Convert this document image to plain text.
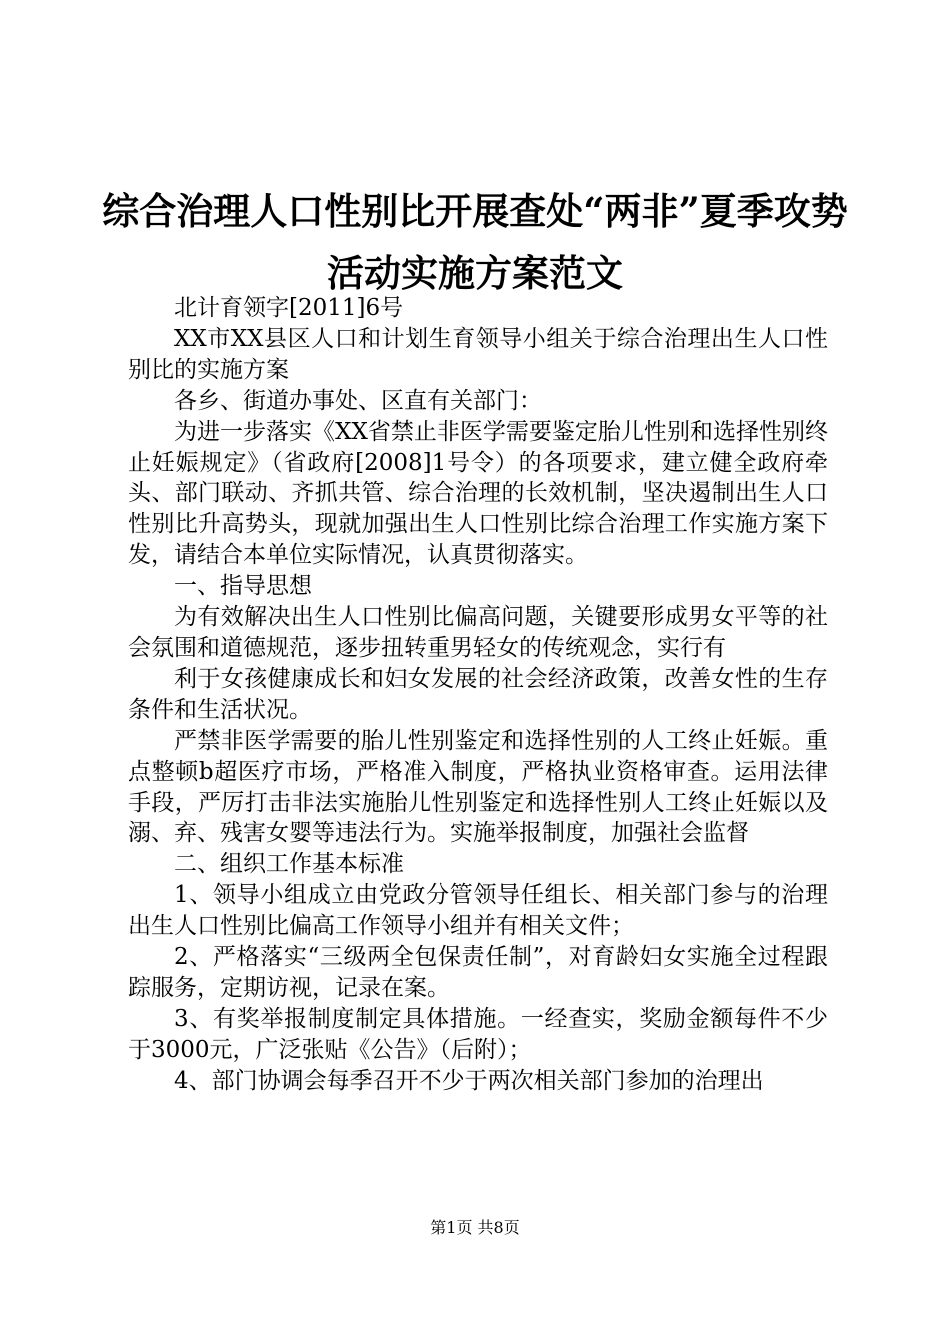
综合治理人口性别比开展查处“两非”夏季攻势活动实施方案范文

北计育领字[2011]6号

XX市XX县区人口和计划生育领导小组关于综合治理出生人口性别比的实施方案

各乡、街道办事处、区直有关部门：

为进一步落实《XX省禁止非医学需要鉴定胎儿性别和选择性别终止妊娠规定》（省政府[2008]1号令）的各项要求，建立健全政府牵头、部门联动、齐抓共管、综合治理的长效机制，坚决遏制出生人口性别比升高势头，现就加强出生人口性别比综合治理工作实施方案下发，请结合本单位实际情况，认真贯彻落实。

一、指导思想

为有效解决出生人口性别比偏高问题，关键要形成男女平等的社会氛围和道德规范，逐步扭转重男轻女的传统观念，实行有

利于女孩健康成长和妇女发展的社会经济政策，改善女性的生存条件和生活状况。

严禁非医学需要的胎儿性别鉴定和选择性别的人工终止妊娠。重点整顿b超医疗市场，严格准入制度，严格执业资格审查。运用法律手段，严厉打击非法实施胎儿性别鉴定和选择性别人工终止妊娠以及溺、弃、残害女婴等违法行为。实施举报制度，加强社会监督

二、组织工作基本标准

1、领导小组成立由党政分管领导任组长、相关部门参与的治理出生人口性别比偏高工作领导小组并有相关文件；

2、严格落实“三级两全包保责任制”，对育龄妇女实施全过程跟踪服务，定期访视，记录在案。

3、有奖举报制度制定具体措施。一经查实，奖励金额每件不少于3000元，广泛张贴《公告》（后附）；

4、部门协调会每季召开不少于两次相关部门参加的治理出

第1页 共8页
